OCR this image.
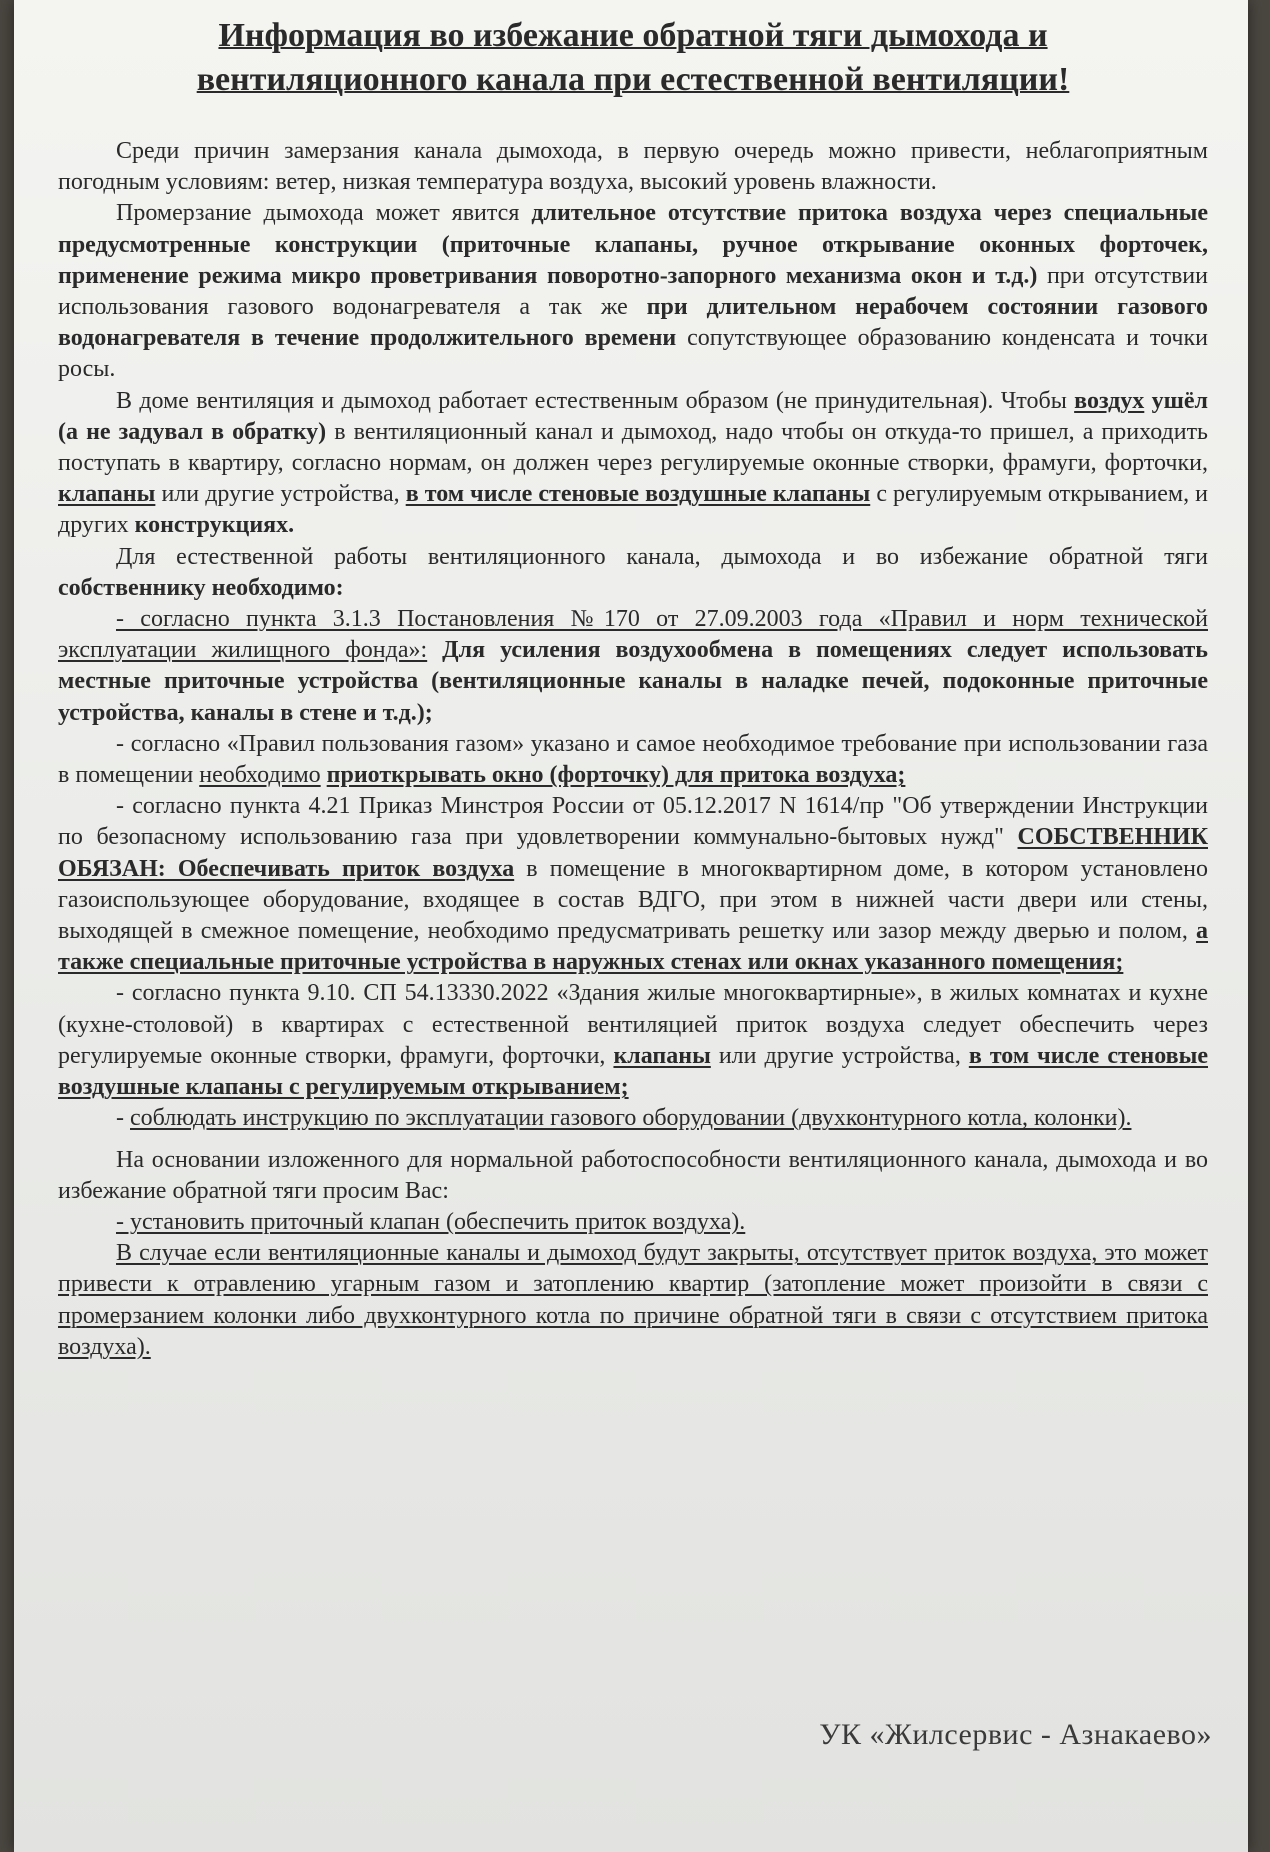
Информация во избежание обратной тяги дымохода и
вентиляционного канала при естественной вентиляции!

Среди причин замерзания канала дымохода, в первую очередь можно привести, неблагоприятным погодным условиям: ветер, низкая температура воздуха, высокий уровень влажности.

Промерзание дымохода может явится длительное отсутствие притока воздуха через специальные предусмотренные конструкции (приточные клапаны, ручное открывание оконных форточек, применение режима микро проветривания поворотно-запорного механизма окон и т.д.) при отсутствии использования газового водонагревателя а так же при длительном нерабочем состоянии газового водонагревателя в течение продолжительного времени сопутствующее образованию конденсата и точки росы.

В доме вентиляция и дымоход работает естественным образом (не принудительная). Чтобы воздух ушёл (а не задувал в обратку) в вентиляционный канал и дымоход, надо чтобы он откуда-то пришел, а приходить поступать в квартиру, согласно нормам, он должен через регулируемые оконные створки, фрамуги, форточки, клапаны или другие устройства, в том числе стеновые воздушные клапаны с регулируемым открыванием, и других конструкциях.

Для естественной работы вентиляционного канала, дымохода и во избежание обратной тяги собственнику необходимо:

- согласно пункта 3.1.3 Постановления №170 от 27.09.2003 года «Правил и норм технической эксплуатации жилищного фонда»: Для усиления воздухообмена в помещениях следует использовать местные приточные устройства (вентиляционные каналы в наладке печей, подоконные приточные устройства, каналы в стене и т.д.);

- согласно «Правил пользования газом» указано и самое необходимое требование при использовании газа в помещении необходимо приоткрывать окно (форточку) для притока воздуха;

- согласно пункта 4.21 Приказ Минстроя России от 05.12.2017 N 1614/пр "Об утверждении Инструкции по безопасному использованию газа при удовлетворении коммунально-бытовых нужд" СОБСТВЕННИК ОБЯЗАН: Обеспечивать приток воздуха в помещение в многоквартирном доме, в котором установлено газоиспользующее оборудование, входящее в состав ВДГО, при этом в нижней части двери или стены, выходящей в смежное помещение, необходимо предусматривать решетку или зазор между дверью и полом, а также специальные приточные устройства в наружных стенах или окнах указанного помещения;

- согласно пункта 9.10. СП 54.13330.2022 «Здания жилые многоквартирные», в жилых комнатах и кухне (кухне-столовой) в квартирах с естественной вентиляцией приток воздуха следует обеспечить через регулируемые оконные створки, фрамуги, форточки, клапаны или другие устройства, в том числе стеновые воздушные клапаны с регулируемым открыванием;

- соблюдать инструкцию по эксплуатации газового оборудовании (двухконтурного котла, колонки).

На основании изложенного для нормальной работоспособности вентиляционного канала, дымохода и во избежание обратной тяги просим Вас:

- установить приточный клапан (обеспечить приток воздуха).

В случае если вентиляционные каналы и дымоход будут закрыты, отсутствует приток воздуха, это может привести к отравлению угарным газом и затоплению квартир (затопление может произойти в связи с промерзанием колонки либо двухконтурного котла по причине обратной тяги в связи с отсутствием притока воздуха).

УК «Жилсервис - Азнакаево»
